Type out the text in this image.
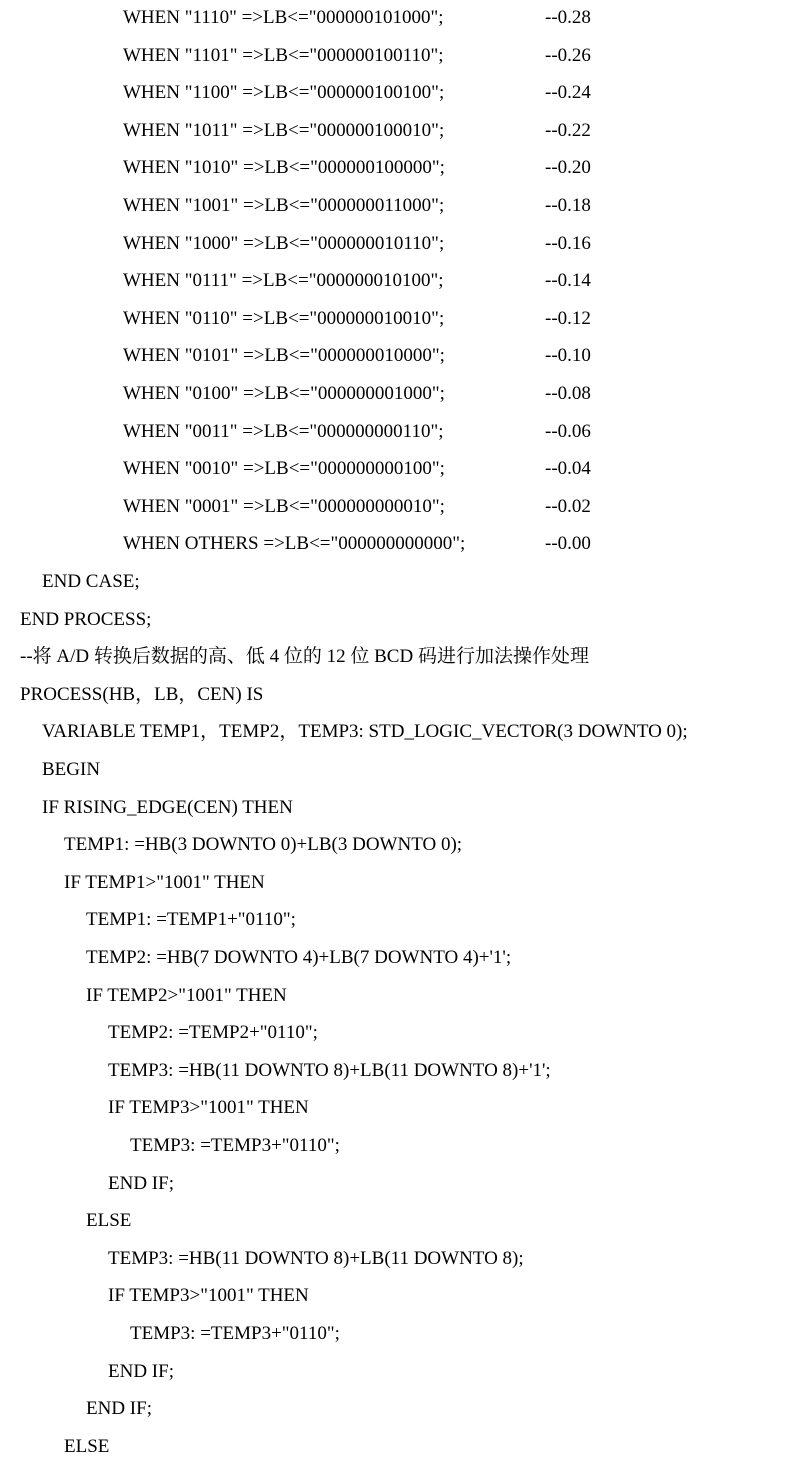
WHEN "1110" =>LB<="000000101000";	--0.28
WHEN "1101" =>LB<="000000100110";	--0.26
WHEN "1100" =>LB<="000000100100";	--0.24
WHEN "1011" =>LB<="000000100010";	--0.22
WHEN "1010" =>LB<="000000100000";	--0.20
WHEN "1001" =>LB<="000000011000";	--0.18
WHEN "1000" =>LB<="000000010110";	--0.16
WHEN "0111" =>LB<="000000010100";	--0.14
WHEN "0110" =>LB<="000000010010";	--0.12
WHEN "0101" =>LB<="000000010000";	--0.10
WHEN "0100" =>LB<="000000001000";	--0.08
WHEN "0011" =>LB<="000000000110";	--0.06
WHEN "0010" =>LB<="000000000100";	--0.04
WHEN "0001" =>LB<="000000000010";	--0.02
WHEN OTHERS =>LB<="000000000000";	--0.00
END CASE;
END PROCESS;
--将 A/D 转换后数据的高、低 4 位的 12 位 BCD 码进行加法操作处理
PROCESS(HB，LB，CEN) IS
VARIABLE TEMP1，TEMP2，TEMP3: STD_LOGIC_VECTOR(3 DOWNTO 0);
BEGIN
IF RISING_EDGE(CEN) THEN
TEMP1: =HB(3 DOWNTO 0)+LB(3 DOWNTO 0);
IF TEMP1>"1001" THEN
TEMP1: =TEMP1+"0110";
TEMP2: =HB(7 DOWNTO 4)+LB(7 DOWNTO 4)+'1';
IF TEMP2>"1001" THEN
TEMP2: =TEMP2+"0110";
TEMP3: =HB(11 DOWNTO 8)+LB(11 DOWNTO 8)+'1';
IF TEMP3>"1001" THEN
TEMP3: =TEMP3+"0110";
END IF;
ELSE
TEMP3: =HB(11 DOWNTO 8)+LB(11 DOWNTO 8);
IF TEMP3>"1001" THEN
TEMP3: =TEMP3+"0110";
END IF;
END IF;
ELSE
